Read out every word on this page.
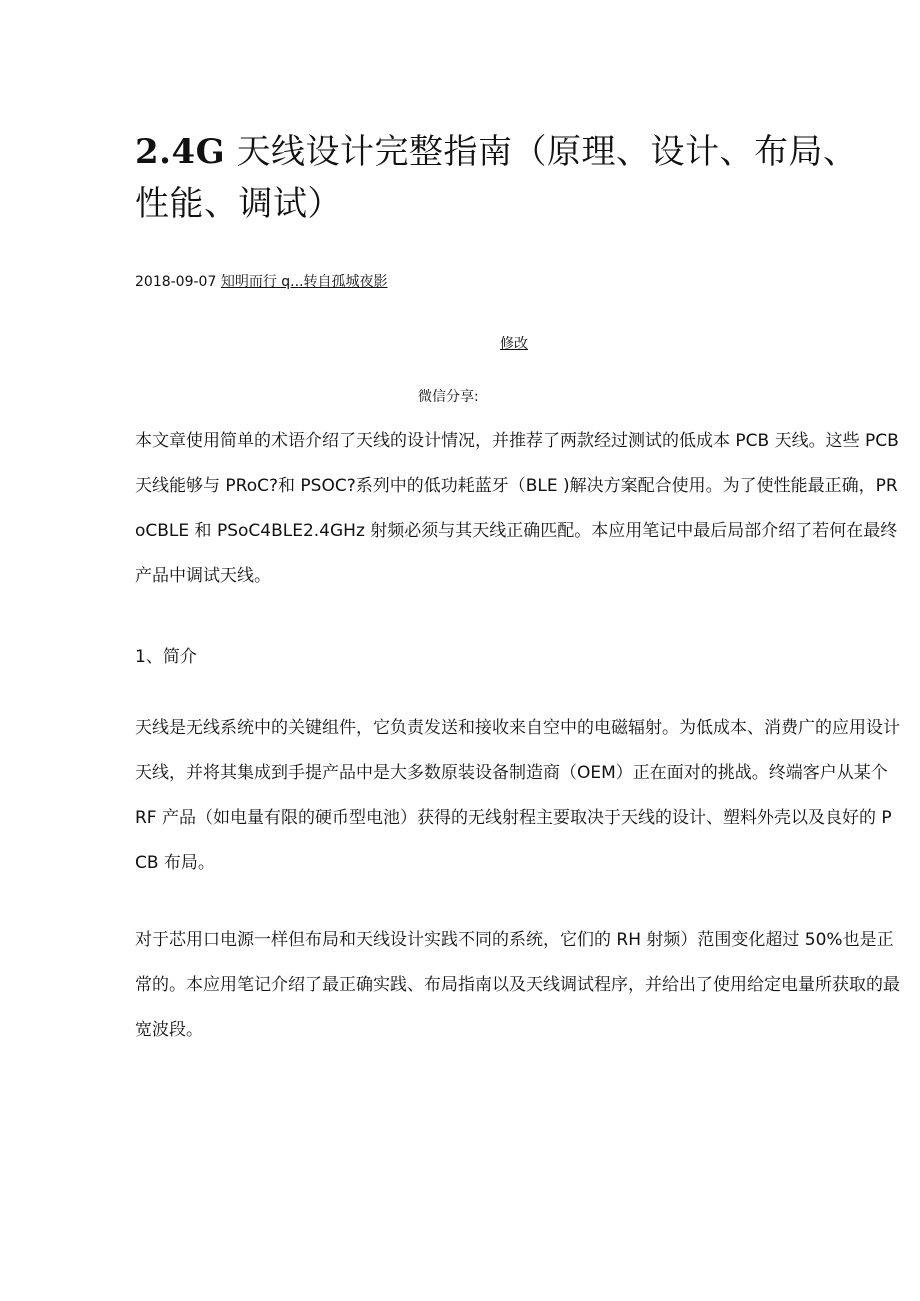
2.4G 天线设计完整指南（原理、设计、布局、性能、调试）
2018-09-07 知明而行 q...转自孤城夜影
修改
微信分享:

本文章使用简单的术语介绍了天线的设计情况，并推荐了两款经过测试的低成本 PCB 天线。这些 PCB 天线能够与 PRoC?和 PSOC?系列中的低功耗蓝牙（BLE )解决方案配合使用。为了使性能最正确，PRoCBLE 和 PSoC4BLE2.4GHz 射频必须与其天线正确匹配。本应用笔记中最后局部介绍了若何在最终产品中调试天线。

1、简介

天线是无线系统中的关键组件，它负责发送和接收来自空中的电磁辐射。为低成本、消费广的应用设计天线，并将其集成到手提产品中是大多数原装设备制造商（OEM）正在面对的挑战。终端客户从某个 RF 产品（如电量有限的硬币型电池）获得的无线射程主要取决于天线的设计、塑料外壳以及良好的 PCB 布局。

对于芯用口电源一样但布局和天线设计实践不同的系统，它们的 RH 射频）范围变化超过 50%也是正常的。本应用笔记介绍了最正确实践、布局指南以及天线调试程序，并给出了使用给定电量所获取的最宽波段。
